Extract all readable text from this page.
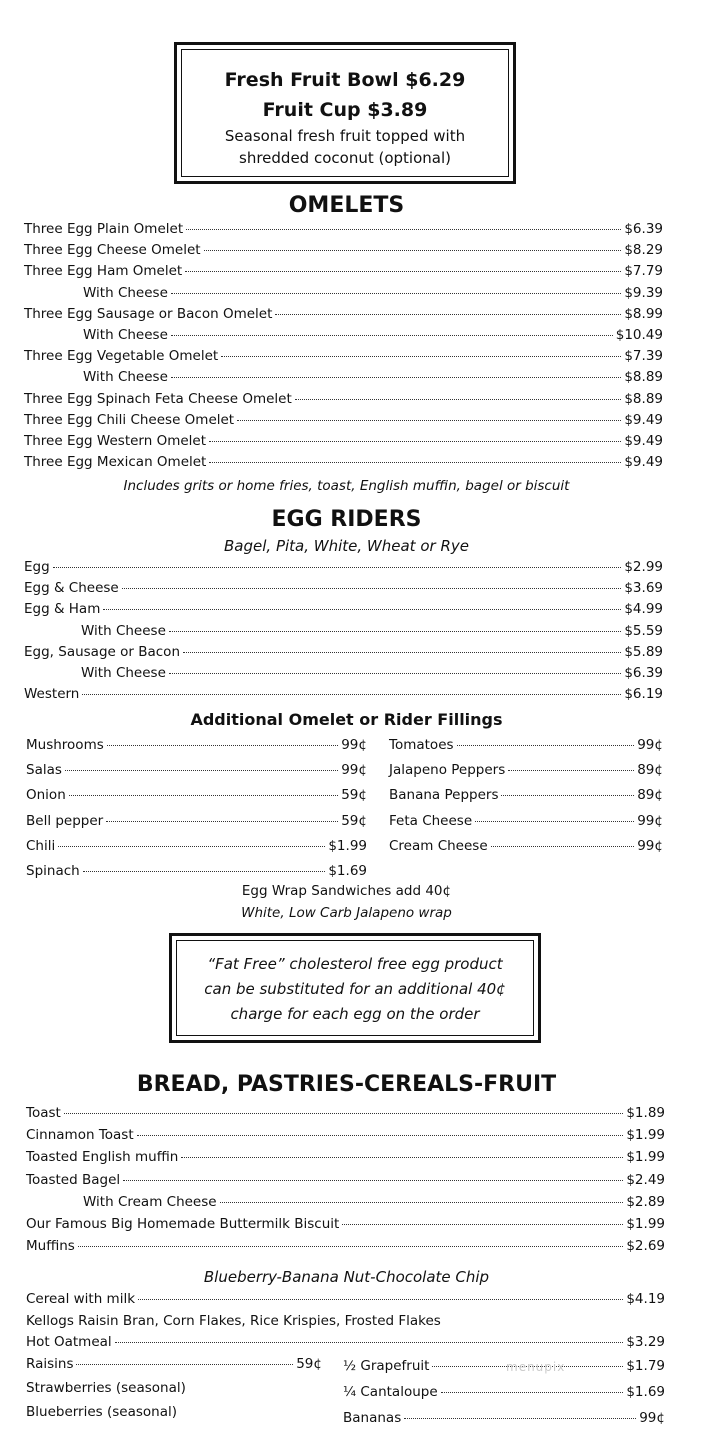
Fresh Fruit Bowl $6.29
Fruit Cup $3.89
Seasonal fresh fruit topped with
shredded coconut (optional)
OMELETS
Three Egg Plain Omelet	$6.39
Three Egg Cheese Omelet	$8.29
Three Egg Ham Omelet	$7.79
With Cheese	$9.39
Three Egg Sausage or Bacon Omelet	$8.99
With Cheese	$10.49
Three Egg Vegetable Omelet	$7.39
With Cheese	$8.89
Three Egg Spinach Feta Cheese Omelet	$8.89
Three Egg Chili Cheese Omelet	$9.49
Three Egg Western Omelet	$9.49
Three Egg Mexican Omelet	$9.49
Includes grits or home fries, toast, English muffin, bagel or biscuit
EGG RIDERS
Bagel, Pita, White, Wheat or Rye
Egg	$2.99
Egg & Cheese	$3.69
Egg & Ham	$4.99
With Cheese	$5.59
Egg, Sausage or Bacon	$5.89
With Cheese	$6.39
Western	$6.19
Additional Omelet or Rider Fillings
Mushrooms	99¢
Salas	99¢
Onion	59¢
Bell pepper	59¢
Chili	$1.99
Spinach	$1.69
Tomatoes	99¢
Jalapeno Peppers	89¢
Banana Peppers	89¢
Feta Cheese	99¢
Cream Cheese	99¢
Egg Wrap Sandwiches add 40¢
White, Low Carb Jalapeno wrap
“Fat Free” cholesterol free egg product
can be substituted for an additional 40¢
charge for each egg on the order
BREAD, PASTRIES-CEREALS-FRUIT
Toast	$1.89
Cinnamon Toast	$1.99
Toasted English muffin	$1.99
Toasted Bagel	$2.49
With Cream Cheese	$2.89
Our Famous Big Homemade Buttermilk Biscuit	$1.99
Muffins	$2.69
Blueberry-Banana Nut-Chocolate Chip
Cereal with milk	$4.19
Kellogs Raisin Bran, Corn Flakes, Rice Krispies, Frosted Flakes
Hot Oatmeal	$3.29
Raisins	59¢
Strawberries (seasonal)
Blueberries (seasonal)
½ Grapefruit	$1.79
¼ Cantaloupe	$1.69
Bananas	99¢
menupix
